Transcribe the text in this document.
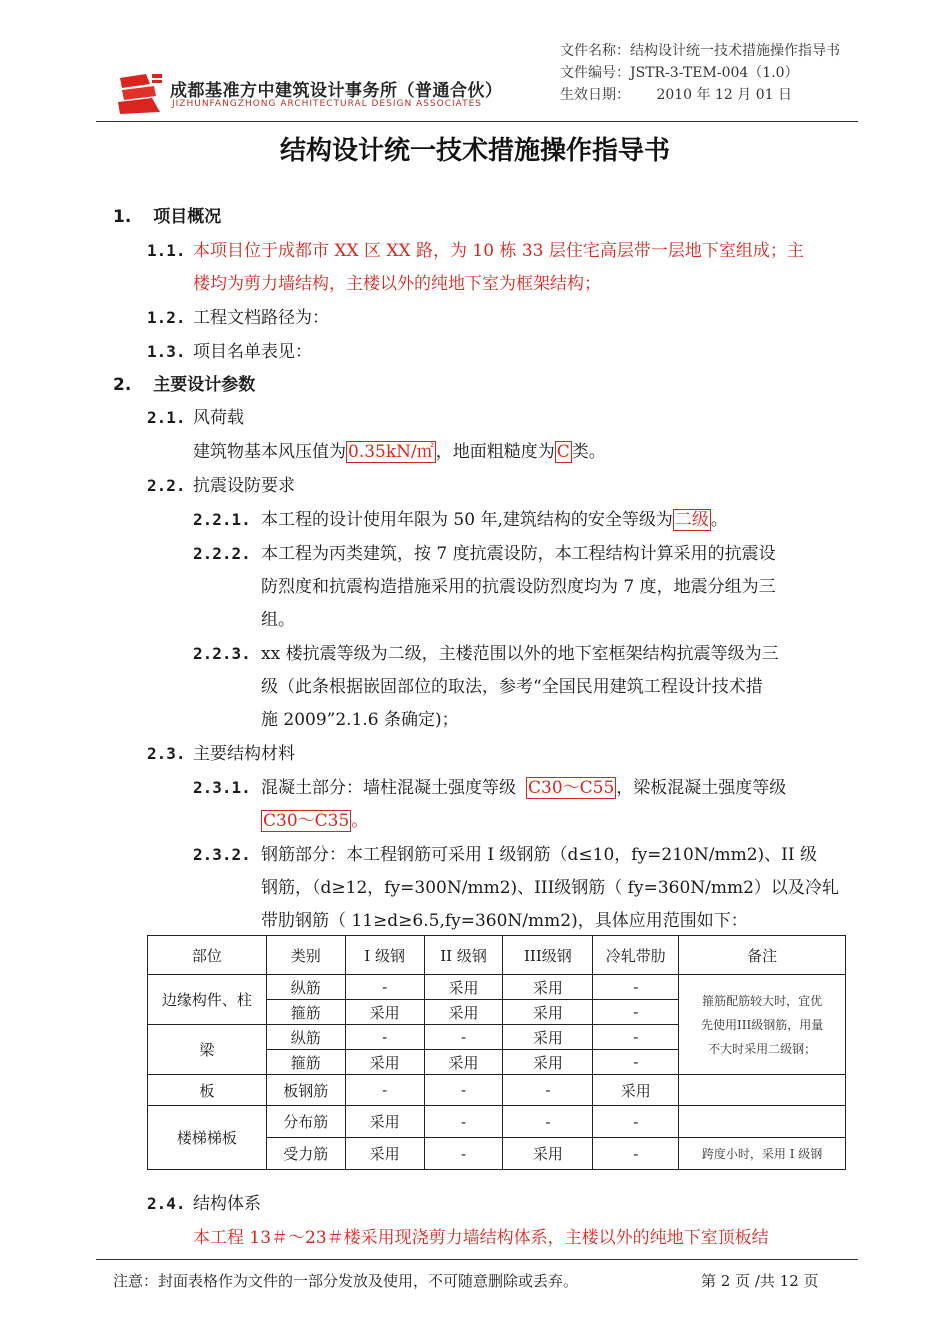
成都基准方中建筑设计事务所（普通合伙）
JIZHUNFANGZHONG ARCHITECTURAL DESIGN ASSOCIATES
文件名称：结构设计统一技术措施操作指导书
文件编号：JSTR-3-TEM-004（1.0）
生效日期： 2010 年 12 月 01 日
结构设计统一技术措施操作指导书
1. 项目概况
1.1. 本项目位于成都市 XX 区 XX 路，为 10 栋 33 层住宅高层带一层地下室组成；主
楼均为剪力墙结构，主楼以外的纯地下室为框架结构；
1.2. 工程文档路径为：
1.3. 项目名单表见：
2. 主要设计参数
2.1. 风荷载
建筑物基本风压值为 0.35kN/㎡ ，地面粗糙度为 C 类。
2.2. 抗震设防要求
2.2.1. 本工程的设计使用年限为 50 年,建筑结构的安全等级为 二级 。
2.2.2. 本工程为丙类建筑，按 7 度抗震设防，本工程结构计算采用的抗震设
防烈度和抗震构造措施采用的抗震设防烈度均为 7 度，地震分组为三
组。
2.2.3. xx 楼抗震等级为二级，主楼范围以外的地下室框架结构抗震等级为三
级（此条根据嵌固部位的取法，参考“全国民用建筑工程设计技术措
施 2009”2.1.6 条确定)；
2.3. 主要结构材料
2.3.1. 混凝土部分：墙柱混凝土强度等级 C30～C55 ，梁板混凝土强度等级
C30～C35 。
2.3.2. 钢筋部分：本工程钢筋可采用 I 级钢筋（d≤10，fy=210N/mm2)、II 级
钢筋，（d≥12，fy=300N/mm2)、III级钢筋（ fy=360N/mm2）以及冷轧
带肋钢筋（ 11≥d≥6.5,fy=360N/mm2)，具体应用范围如下：
部位	类别	I 级钢	II 级钢	III级钢	冷轧带肋	备注
边缘构件、柱	纵筋	-	采用	采用	-	箍筋配筋较大时，宜优
先使用III级钢筋，用量
不大时采用二级钢；

	箍筋	采用	采用	采用	-	
梁	纵筋	-	-	采用	-	
	箍筋	采用	采用	采用	-	
板	板钢筋	-	-	-	采用	
楼梯梯板	分布筋	采用	-	-	-	
	受力筋	采用	-	采用	-	跨度小时，采用 I 级钢
2.4. 结构体系
本工程 13＃～23＃楼采用现浇剪力墙结构体系，主楼以外的纯地下室顶板结
注意：封面表格作为文件的一部分发放及使用，不可随意删除或丢弃。	第 2 页 /共 12 页
